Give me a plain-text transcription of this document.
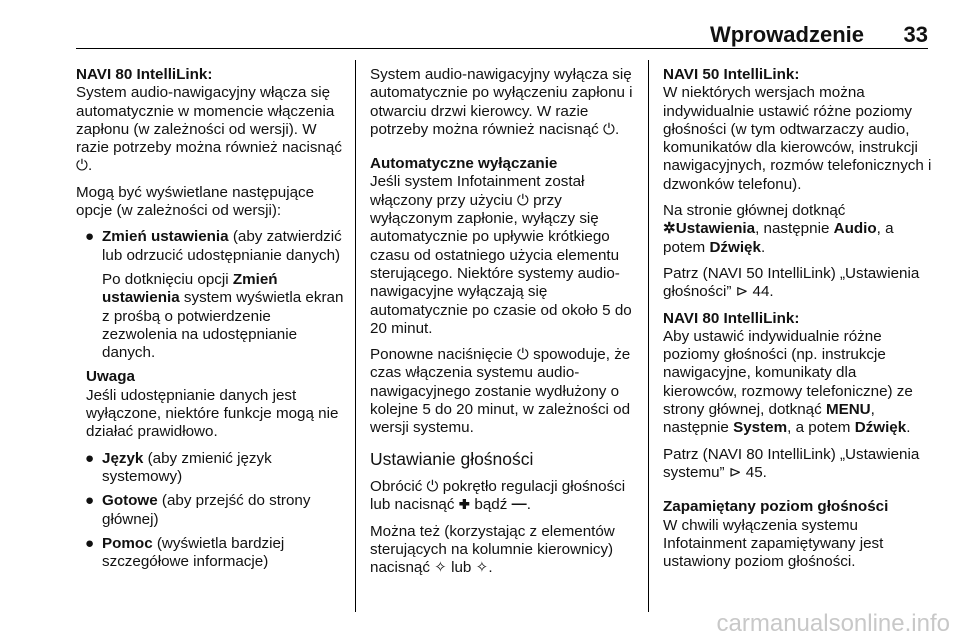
Wprowadzenie 33
NAVI 80 IntelliLink:

System audio-nawigacyjny włącza się automatycznie w momencie włączenia zapłonu (w zależności od wersji). W razie potrzeby można również nacisnąć ⏻.

Mogą być wyświetlane następujące opcje (w zależności od wersji):

● Zmień ustawienia (aby zatwierdzić lub odrzucić udostępnianie danych)
Po dotknięciu opcji Zmień ustawienia system wyświetla ekran z prośbą o potwierdzenie zezwolenia na udostępnianie danych.
Uwaga
Jeśli udostępnianie danych jest wyłączone, niektóre funkcje mogą nie działać prawidłowo.
● Język (aby zmienić język systemowy)
● Gotowe (aby przejść do strony głównej)
● Pomoc (wyświetla bardziej szczegółowe informacje)

System audio-nawigacyjny wyłącza się automatycznie po wyłączeniu zapłonu i otwarciu drzwi kierowcy. W razie potrzeby można również nacisnąć ⏻.

Automatyczne wyłączanie

Jeśli system Infotainment został włączony przy użyciu ⏻ przy wyłączonym zapłonie, wyłączy się automatycznie po upływie krótkiego czasu od ostatniego użycia elementu sterującego. Niektóre systemy audio-nawigacyjne wyłączają się automatycznie po czasie od około 5 do 20 minut.

Ponowne naciśnięcie ⏻ spowoduje, że czas włączenia systemu audio-nawigacyjnego zostanie wydłużony o kolejne 5 do 20 minut, w zależności od wersji systemu.

Ustawianie głośności

Obrócić ⏻ pokrętło regulacji głośności lub nacisnąć ✚ bądź ━.

Można też (korzystając z elementów sterujących na kolumnie kierownicy) nacisnąć ✧ lub ✧.

NAVI 50 IntelliLink:

W niektórych wersjach można indywidualnie ustawić różne poziomy głośności (w tym odtwarzaczy audio, komunikatów dla kierowców, instrukcji nawigacyjnych, rozmów telefonicznych i dzwonków telefonu).

Na stronie głównej dotknąć
✲Ustawienia, następnie Audio, a potem Dźwięk.

Patrz (NAVI 50 IntelliLink) „Ustawienia głośności” ⊳ 44.

NAVI 80 IntelliLink:

Aby ustawić indywidualnie różne poziomy głośności (np. instrukcje nawigacyjne, komunikaty dla kierowców, rozmowy telefoniczne) ze strony głównej, dotknąć MENU, następnie System, a potem Dźwięk.

Patrz (NAVI 80 IntelliLink) „Ustawienia systemu” ⊳ 45.

Zapamiętany poziom głośności

W chwili wyłączenia systemu Infotainment zapamiętywany jest ustawiony poziom głośności.

carmanualsonline.info
